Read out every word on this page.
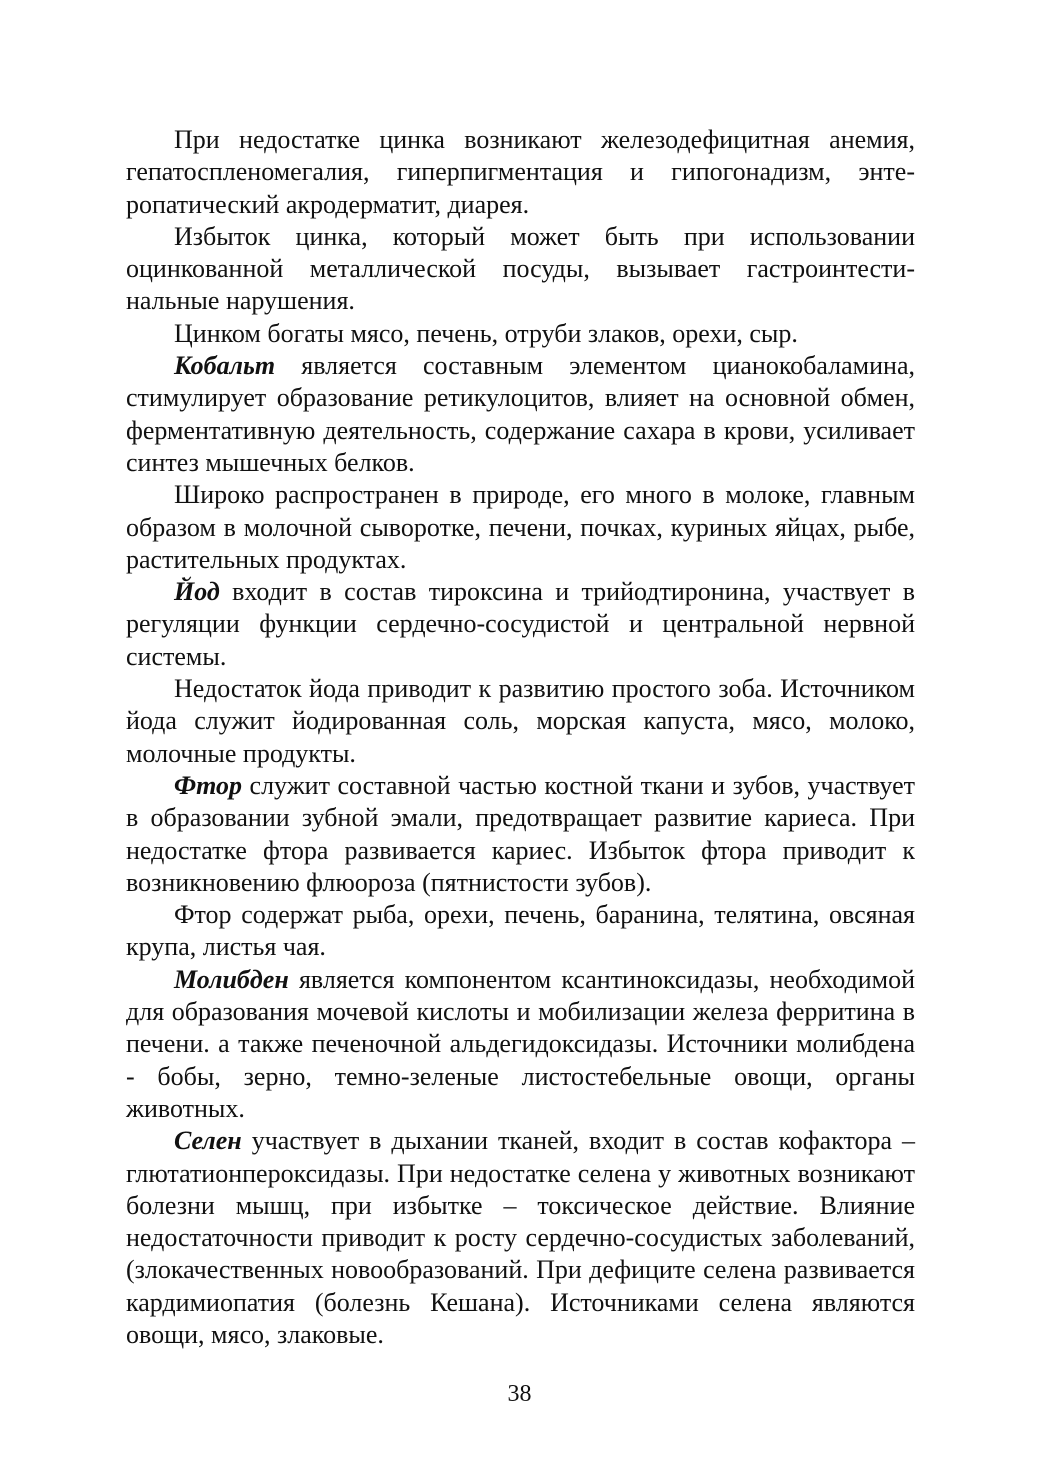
При недостатке цинка возникают железодефицитная анемия, гепатоспленомегалия, гиперпигментация и гипогонадизм, энтеропатический акродерматит, диарея.

Избыток цинка, который может быть при использовании оцинкованной металлической посуды, вызывает гастроинтестинальные нарушения.

Цинком богаты мясо, печень, отруби злаков, орехи, сыр.

Кобальт является составным элементом цианокобаламина, стимулирует образование ретикулоцитов, влияет на основной обмен, ферментативную деятельность, содержание сахара в крови, усиливает синтез мышечных белков.

Широко распространен в природе, его много в молоке, главным образом в молочной сыворотке, печени, почках, куриных яйцах, рыбе, растительных продуктах.

Йод входит в состав тироксина и трийодтиронина, участвует в регуляции функции сердечно-сосудистой и центральной нервной системы.

Недостаток йода приводит к развитию простого зоба. Источником йода служит йодированная соль, морская капуста, мясо, молоко, молочные продукты.

Фтор служит составной частью костной ткани и зубов, участвует в образовании зубной эмали, предотвращает развитие кариеса. При недостатке фтора развивается кариес. Избыток фтора приводит к возникновению флюороза (пятнистости зубов).

Фтор содержат рыба, орехи, печень, баранина, телятина, овсяная крупа, листья чая.

Молибден является компонентом ксантиноксидазы, необходимой для образования мочевой кислоты и мобилизации железа ферритина в печени. а также печеночной альдегидоксидазы. Источники молибдена - бобы, зерно, темно-зеленые листостебельные овощи, органы животных.

Селен участвует в дыхании тканей, входит в состав кофактора – глютатионпероксидазы. При недостатке селена у животных возникают болезни мышц, при избытке – токсическое действие. Влияние недостаточности приводит к росту сердечно-сосудистых заболеваний, (злокачественных новообразований. При дефиците селена развивается кардимиопатия (болезнь Кешана). Источниками селена являются овощи, мясо, злаковые.

38
